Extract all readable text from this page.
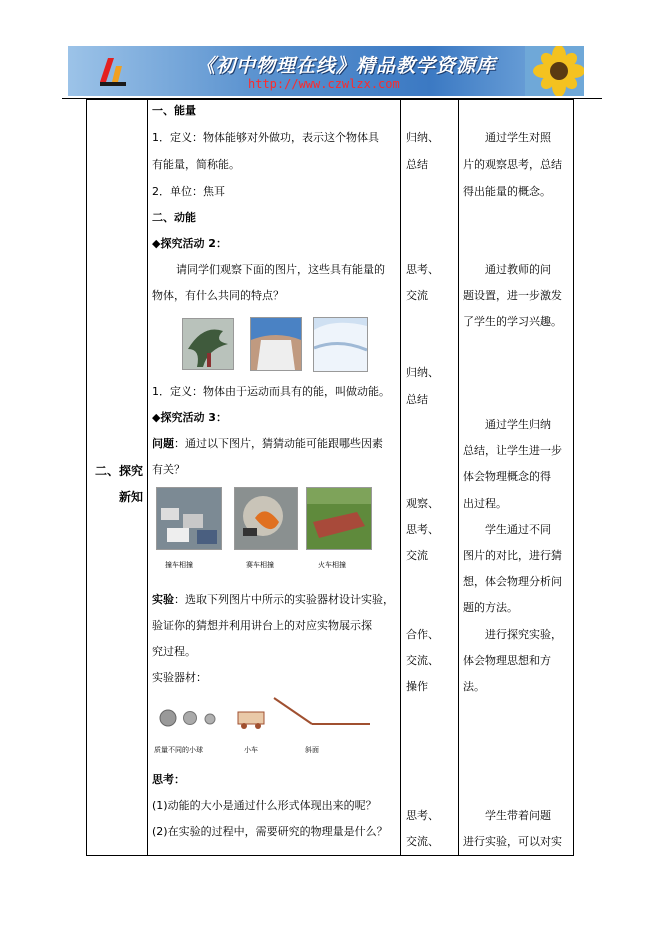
《初中物理在线》精品教学资源库
http://www.czwlzx.com
二、探究
新知

一、能量
1．定义：物体能够对外做功，表示这个物体具
有能量，简称能。
2．单位：焦耳
二、动能
◆探究活动 2：
请同学们观察下面的图片，这些具有能量的
物体，有什么共同的特点？
1．定义：物体由于运动而具有的能，叫做动能。
◆探究活动 3：
问题：通过以下图片，猜猜动能可能跟哪些因素
有关？
撞车相撞	赛车相撞	火车相撞
实验：选取下列图片中所示的实验器材设计实验，
验证你的猜想并利用讲台上的对应实物展示探
究过程。
实验器材：
质量不同的小球	小车	斜面
思考：
(1)动能的大小是通过什么形式体现出来的呢？
(2)在实验的过程中，需要研究的物理量是什么？

归纳、
总结
思考、
交流
归纳、
总结
观察、
思考、
交流
合作、
交流、
操作
思考、
交流、

通过学生对照
片的观察思考，总结
得出能量的概念。
通过教师的问
题设置，进一步激发
了学生的学习兴趣。
通过学生归纳
总结，让学生进一步
体会物理概念的得
出过程。
学生通过不同
图片的对比，进行猜
想，体会物理分析问
题的方法。
进行探究实验，
体会物理思想和方
法。
学生带着问题
进行实验，可以对实
